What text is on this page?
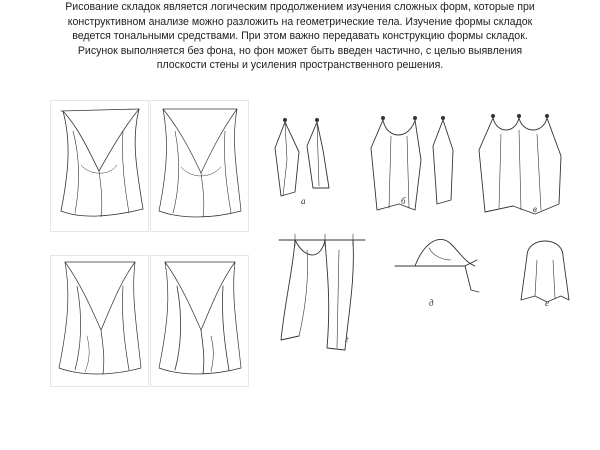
Рисование складок является логическим продолжением изучения сложных форм, которые при
конструктивном анализе можно разложить на геометрические тела. Изучение формы складок
ведется тональными средствами. При этом важно передавать конструкцию формы складок.
Рисунок выполняется без фона, но фон может быть введен частично, с целью выявления
плоскости стены и усиления пространственного решения.
а	б
в
г
д	е
